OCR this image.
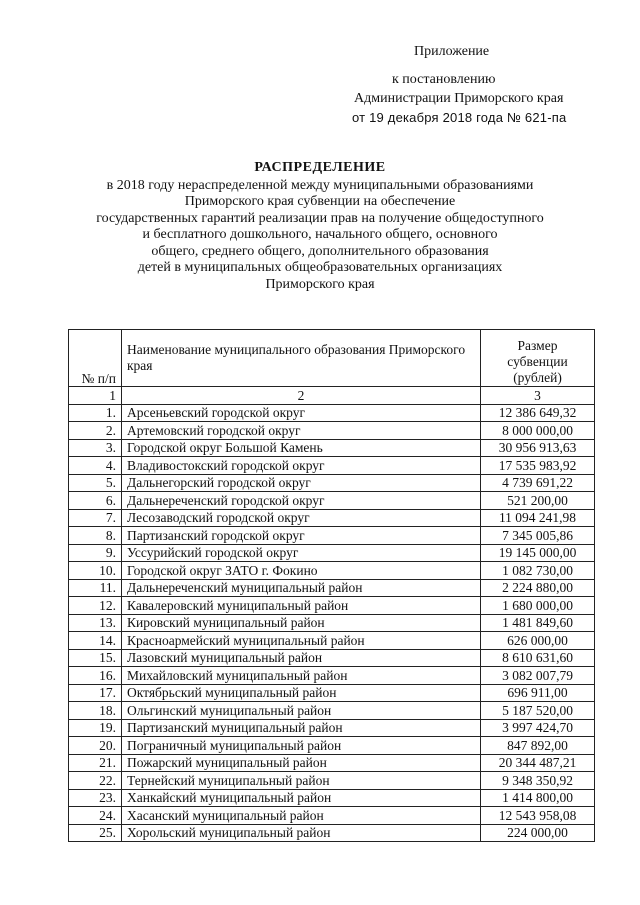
Приложение
к постановлению
Администрации Приморского края
от 19 декабря 2018 года № 621-па
РАСПРЕДЕЛЕНИЕ
в 2018 году нераспределенной между муниципальными образованиями
Приморского края субвенции на обеспечение
государственных гарантий реализации прав на получение общедоступного
и бесплатного дошкольного, начального общего, основного
общего, среднего общего, дополнительного образования
детей в муниципальных общеобразовательных организациях
Приморского края
№ п/п	Наименование муниципального образования Приморского края	Размер субвенции (рублей)
1	2	3
1.	Арсеньевский городской округ	12 386 649,32
2.	Артемовский городской округ	8 000 000,00
3.	Городской округ Большой Камень	30 956 913,63
4.	Владивостокский городской округ	17 535 983,92
5.	Дальнегорский городской округ	4 739 691,22
6.	Дальнереченский городской округ	521 200,00
7.	Лесозаводский городской округ	11 094 241,98
8.	Партизанский городской округ	7 345 005,86
9.	Уссурийский городской округ	19 145 000,00
10.	Городской округ ЗАТО г. Фокино	1 082 730,00
11.	Дальнереченский муниципальный район	2 224 880,00
12.	Кавалеровский муниципальный район	1 680 000,00
13.	Кировский муниципальный район	1 481 849,60
14.	Красноармейский муниципальный район	626 000,00
15.	Лазовский муниципальный район	8 610 631,60
16.	Михайловский муниципальный район	3 082 007,79
17.	Октябрьский муниципальный район	696 911,00
18.	Ольгинский муниципальный район	5 187 520,00
19.	Партизанский муниципальный район	3 997 424,70
20.	Пограничный муниципальный район	847 892,00
21.	Пожарский муниципальный район	20 344 487,21
22.	Тернейский муниципальный район	9 348 350,92
23.	Ханкайский муниципальный район	1 414 800,00
24.	Хасанский муниципальный район	12 543 958,08
25.	Хорольский муниципальный район	224 000,00
